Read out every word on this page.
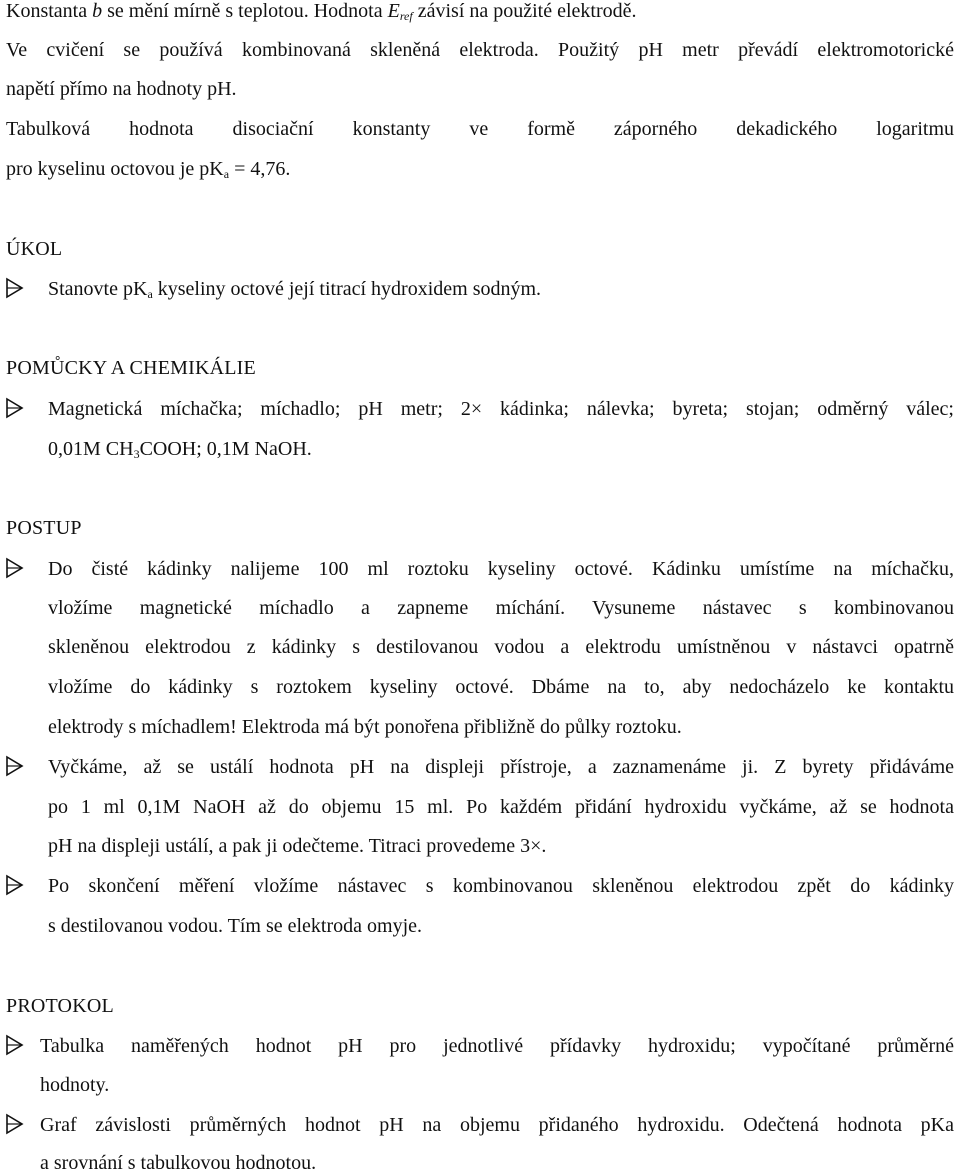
Konstanta b se mění mírně s teplotou. Hodnota $E_{ref}$ závisí na použité elektrodě.
Ve cvičení se používá kombinovaná skleněná elektroda. Použitý pH metr převádí elektromotorické
napětí přímo na hodnoty pH.
Tabulková hodnota disociační konstanty ve formě záporného dekadického logaritmu
pro kyselinu octovou je $pK_a = 4,76$.
ÚKOL
Stanovte $pK_a$ kyseliny octové její titrací hydroxidem sodným.
POMŮCKY A CHEMIKÁLIE
Magnetická míchačka; míchadlo; pH metr; 2× kádinka; nálevka; byreta; stojan; odměrný válec;
0,01M $CH_3COOH$; 0,1M NaOH.
POSTUP
Do čisté kádinky nalijeme 100 ml roztoku kyseliny octové. Kádinku umístíme na míchačku,
vložíme magnetické míchadlo a zapneme míchání. Vysuneme nástavec s kombinovanou
skleněnou elektrodou z kádinky s destilovanou vodou a elektrodu umístněnou v nástavci opatrně
vložíme do kádinky s roztokem kyseliny octové. Dbáme na to, aby nedocházelo ke kontaktu
elektrody s míchadlem! Elektroda má být ponořena přibližně do půlky roztoku.
Vyčkáme, až se ustálí hodnota pH na displeji přístroje, a zaznamenáme ji. Z byrety přidáváme
po 1 ml 0,1M NaOH až do objemu 15 ml. Po každém přidání hydroxidu vyčkáme, až se hodnota
pH na displeji ustálí, a pak ji odečteme. Titraci provedeme 3×.
Po skončení měření vložíme nástavec s kombinovanou skleněnou elektrodou zpět do kádinky
s destilovanou vodou. Tím se elektroda omyje.
PROTOKOL
Tabulka naměřených hodnot pH pro jednotlivé přídavky hydroxidu; vypočítané průměrné
hodnoty.
Graf závislosti průměrných hodnot pH na objemu přidaného hydroxidu. Odečtená hodnota pKa
a srovnání s tabulkovou hodnotou.
